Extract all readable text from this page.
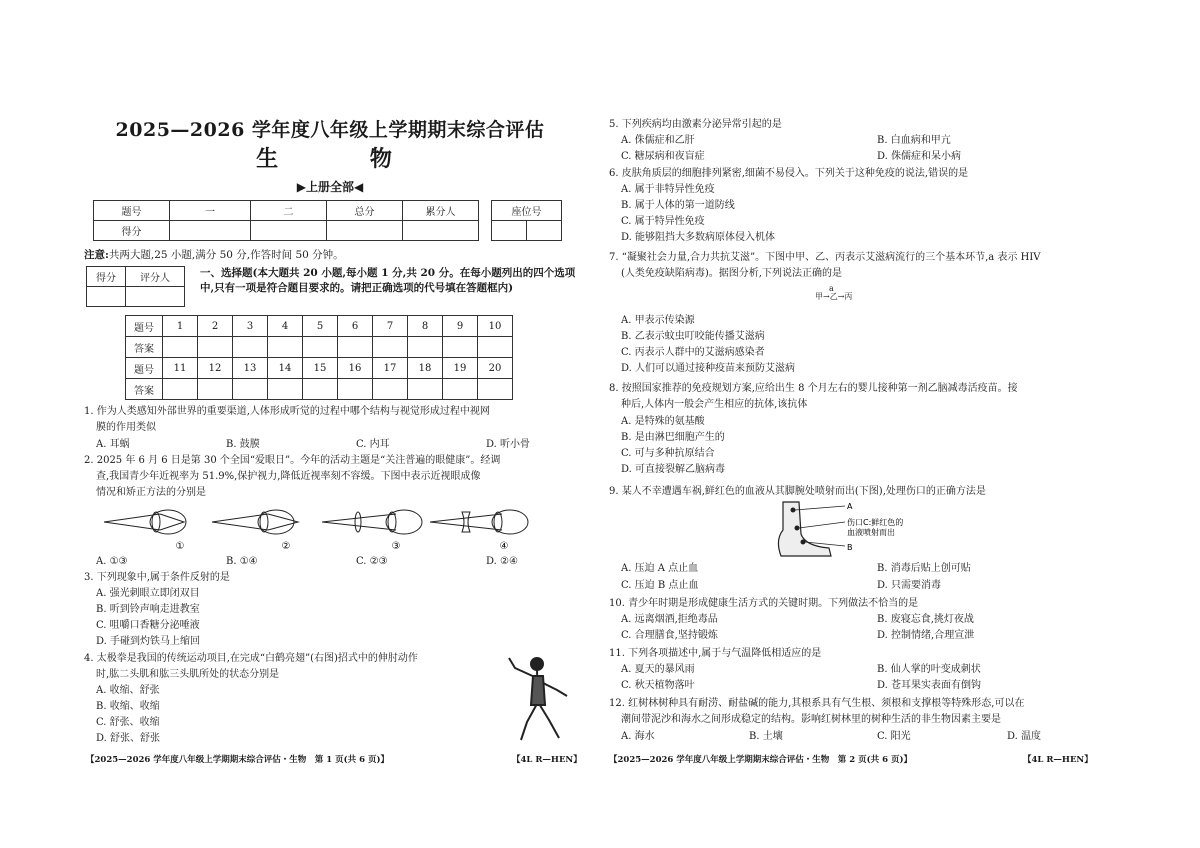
2025—2026 学年度八年级上学期期末综合评估
生 物
▶上册全部◀
题号	一	二	总分	累分人
得分				
座位号

注意:共两大题,25 小题,满分 50 分,作答时间 50 分钟。
得分	评分人
		一、选择题(本大题共 20 小题,每小题 1 分,共 20 分。在每小题列出的四个选项中,只有一项是符合题目要求的。请把正确选项的代号填在答题框内)
题号	1	2	3	4	5	6	7	8	9	10
答案										
题号	11	12	13	14	15	16	17	18	19	20
答案										
1. 作为人类感知外部世界的重要渠道,人体形成听觉的过程中哪个结构与视觉形成过程中视网
膜的作用类似
A. 耳蜗	B. 鼓膜	C. 内耳	D. 听小骨
2. 2025 年 6 月 6 日是第 30 个全国“爱眼日”。今年的活动主题是“关注普遍的眼健康”。经调
查,我国青少年近视率为 51.9%,保护视力,降低近视率刻不容缓。下图中表示近视眼成像
情况和矫正方法的分别是
①	②	③	④
A. ①③	B. ①④	C. ②③	D. ②④
3. 下列现象中,属于条件反射的是
A. 强光刺眼立即闭双目
B. 听到铃声响走进教室
C. 咀嚼口香糖分泌唾液
D. 手碰到灼铁马上缩回
4. 太极拳是我国的传统运动项目,在完成“白鹤亮翅”(右图)招式中的伸肘动作
时,肱二头肌和肱三头肌所处的状态分别是
A. 收缩、舒张
B. 收缩、收缩
C. 舒张、收缩
D. 舒张、舒张
【2025—2026 学年度八年级上学期期末综合评估・生物　第 1 页(共 6 页)】	【4L R—HEN】
5. 下列疾病均由激素分泌异常引起的是
A. 侏儒症和乙肝	B. 白血病和甲亢
C. 糖尿病和夜盲症	D. 侏儒症和呆小病
6. 皮肤角质层的细胞排列紧密,细菌不易侵入。下列关于这种免疫的说法,错误的是
A. 属于非特异性免疫
B. 属于人体的第一道防线
C. 属于特异性免疫
D. 能够阻挡大多数病原体侵入机体
7. “凝聚社会力量,合力共抗艾滋”。下图中甲、乙、丙表示艾滋病流行的三个基本环节,a 表示 HIV
(人类免疫缺陷病毒)。据图分析,下列说法正确的是
a
甲→乙→丙
A. 甲表示传染源
B. 乙表示蚊虫叮咬能传播艾滋病
C. 丙表示人群中的艾滋病感染者
D. 人们可以通过接种疫苗来预防艾滋病
8. 按照国家推荐的免疫规划方案,应给出生 8 个月左右的婴儿接种第一剂乙脑减毒活疫苗。接
种后,人体内一般会产生相应的抗体,该抗体
A. 是特殊的氨基酸
B. 是由淋巴细胞产生的
C. 可与多种抗原结合
D. 可直接裂解乙脑病毒
9. 某人不幸遭遇车祸,鲜红色的血液从其脚腕处喷射而出(下图),处理伤口的正确方法是
A
伤口C:鲜红色的
血液喷射而出
B
A. 压迫 A 点止血	B. 消毒后贴上创可贴
C. 压迫 B 点止血	D. 只需要消毒
10. 青少年时期是形成健康生活方式的关键时期。下列做法不恰当的是
A. 远离烟酒,拒绝毒品	B. 废寝忘食,挑灯夜战
C. 合理膳食,坚持锻炼	D. 控制情绪,合理宣泄
11. 下列各项描述中,属于与气温降低相适应的是
A. 夏天的暴风雨	B. 仙人掌的叶变成刺状
C. 秋天植物落叶	D. 苍耳果实表面有倒钩
12. 红树林树种具有耐涝、耐盐碱的能力,其根系具有气生根、须根和支撑根等特殊形态,可以在
潮间带泥沙和海水之间形成稳定的结构。影响红树林里的树种生活的非生物因素主要是
A. 海水	B. 土壤	C. 阳光	D. 温度
【2025—2026 学年度八年级上学期期末综合评估・生物　第 2 页(共 6 页)】	【4L R—HEN】
